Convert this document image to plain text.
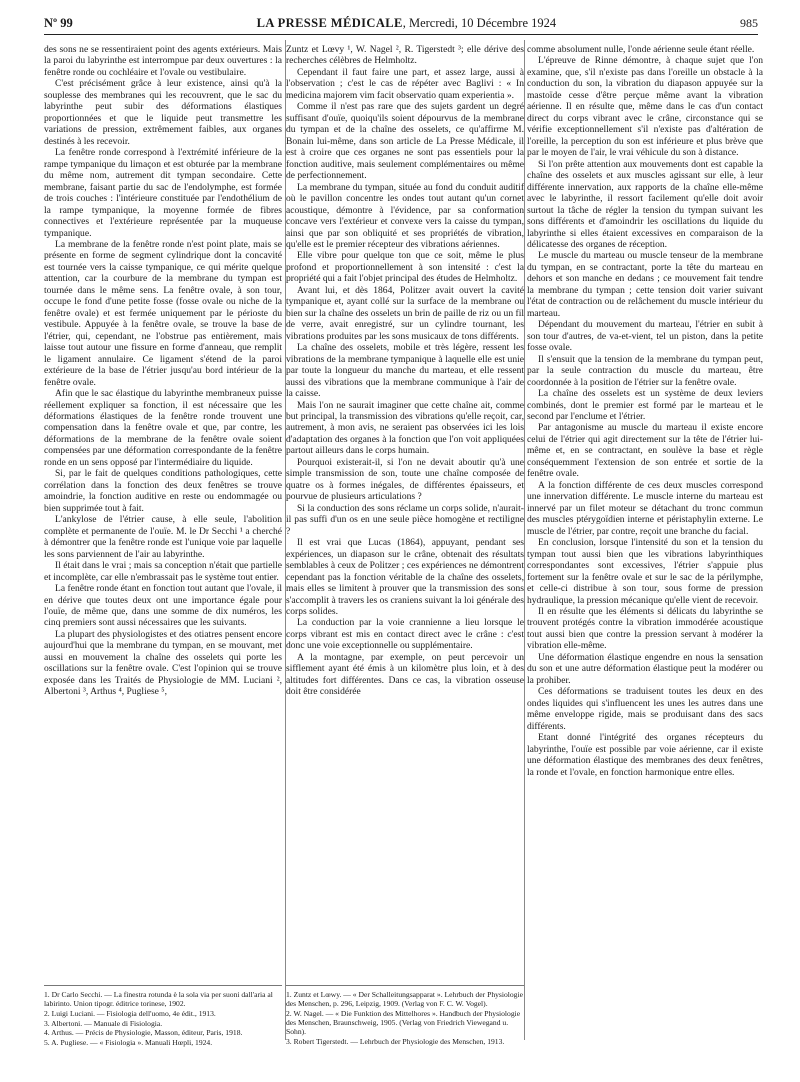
Nº 99	LA PRESSE MÉDICALE, Mercredi, 10 Décembre 1924	985

des sons ne se ressentiraient point des agents extérieurs. Mais la paroi du labyrinthe est interrompue par deux ouvertures : la fenêtre ronde ou cochléaire et l'ovale ou vestibulaire.

C'est précisément grâce à leur existence, ainsi qu'à la souplesse des membranes qui les recouvrent, que le sac du labyrinthe peut subir des déformations élastiques proportionnées et que le liquide peut transmettre les variations de pression, extrêmement faibles, aux organes destinés à les recevoir.

La fenêtre ronde correspond à l'extrémité inférieure de la rampe tympanique du limaçon et est obturée par la membrane du même nom, autrement dit tympan secondaire. Cette membrane, faisant partie du sac de l'endolymphe, est formée de trois couches : l'intérieure constituée par l'endothélium de la rampe tympanique, la moyenne formée de fibres connectives et l'extérieure représentée par la muqueuse tympanique.

La membrane de la fenêtre ronde n'est point plate, mais se présente en forme de segment cylindrique dont la concavité est tournée vers la caisse tympanique, ce qui mérite quelque attention, car la courbure de la membrane du tympan est tournée dans le même sens. La fenêtre ovale, à son tour, occupe le fond d'une petite fosse (fosse ovale ou niche de la fenêtre ovale) et est fermée uniquement par le périoste du vestibule. Appuyée à la fenêtre ovale, se trouve la base de l'étrier, qui, cependant, ne l'obstrue pas entièrement, mais laisse tout autour une fissure en forme d'anneau, que remplit le ligament annulaire. Ce ligament s'étend de la paroi extérieure de la base de l'étrier jusqu'au bord intérieur de la fenêtre ovale.

Afin que le sac élastique du labyrinthe membraneux puisse réellement expliquer sa fonction, il est nécessaire que les déformations élastiques de la fenêtre ronde trouvent une compensation dans la fenêtre ovale et que, par contre, les déformations de la membrane de la fenêtre ovale soient compensées par une déformation correspondante de la fenêtre ronde en un sens opposé par l'intermédiaire du liquide.

Si, par le fait de quelques conditions pathologiques, cette corrélation dans la fonction des deux fenêtres se trouve amoindrie, la fonction auditive en reste ou endommagée ou bien supprimée tout à fait.

L'ankylose de l'étrier cause, à elle seule, l'abolition complète et permanente de l'ouïe. M. le Dr Secchi ¹ a cherché à démontrer que la fenêtre ronde est l'unique voie par laquelle les sons parviennent de l'air au labyrinthe.

Il était dans le vrai ; mais sa conception n'était que partielle et incomplète, car elle n'embrassait pas le système tout entier.

La fenêtre ronde étant en fonction tout autant que l'ovale, il en dérive que toutes deux ont une importance égale pour l'ouïe, de même que, dans une somme de dix numéros, les cinq premiers sont aussi nécessaires que les suivants.

La plupart des physiologistes et des otiatres pensent encore aujourd'hui que la membrane du tympan, en se mouvant, met aussi en mouvement la chaîne des osselets qui porte les oscillations sur la fenêtre ovale. C'est l'opinion qui se trouve exposée dans les Traités de Physiologie de MM. Luciani ², Albertoni ³, Arthus ⁴, Pugliese ⁵,

Zuntz et Lœvy ¹, W. Nagel ², R. Tigerstedt ³; elle dérive des recherches célèbres de Helmholtz.

Cependant il faut faire une part, et assez large, aussi à l'observation ; c'est le cas de répéter avec Baglivi : « In medicina majorem vim facit observatio quam experientia ».

Comme il n'est pas rare que des sujets gardent un degré suffisant d'ouïe, quoiqu'ils soient dépourvus de la membrane du tympan et de la chaîne des osselets, ce qu'affirme M. Bonain lui-même, dans son article de La Presse Médicale, il est à croire que ces organes ne sont pas essentiels pour la fonction auditive, mais seulement complémentaires ou même de perfectionnement.

La membrane du tympan, située au fond du conduit auditif où le pavillon concentre les ondes tout autant qu'un cornet acoustique, démontre à l'évidence, par sa conformation concave vers l'extérieur et convexe vers la caisse du tympan, ainsi que par son obliquité et ses propriétés de vibration, qu'elle est le premier récepteur des vibrations aériennes.

Elle vibre pour quelque ton que ce soit, même le plus profond et proportionnellement à son intensité : c'est la propriété qui a fait l'objet principal des études de Helmholtz.

Avant lui, et dès 1864, Politzer avait ouvert la cavité tympanique et, ayant collé sur la surface de la membrane ou bien sur la chaîne des osselets un brin de paille de riz ou un fil de verre, avait enregistré, sur un cylindre tournant, les vibrations produites par les sons musicaux de tons différents.

La chaîne des osselets, mobile et très légère, ressent les vibrations de la membrane tympanique à laquelle elle est unie par toute la longueur du manche du marteau, et elle ressent aussi des vibrations que la membrane communique à l'air de la caisse.

Mais l'on ne saurait imaginer que cette chaîne ait, comme but principal, la transmission des vibrations qu'elle reçoit, car, autrement, à mon avis, ne seraient pas observées ici les lois d'adaptation des organes à la fonction que l'on voit appliquées partout ailleurs dans le corps humain.

Pourquoi existerait-il, si l'on ne devait aboutir qu'à une simple transmission de son, toute une chaîne composée de quatre os à formes inégales, de différentes épaisseurs, et pourvue de plusieurs articulations ?

Si la conduction des sons réclame un corps solide, n'aurait-il pas suffi d'un os en une seule pièce homogène et rectiligne ?

Il est vrai que Lucas (1864), appuyant, pendant ses expériences, un diapason sur le crâne, obtenait des résultats semblables à ceux de Politzer ; ces expériences ne démontrent cependant pas la fonction véritable de la chaîne des osselets, mais elles se limitent à prouver que la transmission des sons s'accomplit à travers les os craniens suivant la loi générale des corps solides.

La conduction par la voie crannienne a lieu lorsque le corps vibrant est mis en contact direct avec le crâne : c'est donc une voie exceptionnelle ou supplémentaire.

A la montagne, par exemple, on peut percevoir un sifflement ayant été émis à un kilomètre plus loin, et à des altitudes fort différentes. Dans ce cas, la vibration osseuse doit être considérée

comme absolument nulle, l'onde aérienne seule étant réelle.

L'épreuve de Rinne démontre, à chaque sujet que l'on examine, que, s'il n'existe pas dans l'oreille un obstacle à la conduction du son, la vibration du diapason appuyée sur la mastoïde cesse d'être perçue même avant la vibration aérienne. Il en résulte que, même dans le cas d'un contact direct du corps vibrant avec le crâne, circonstance qui se vérifie exceptionnellement s'il n'existe pas d'altération de l'oreille, la perception du son est inférieure et plus brève que par le moyen de l'air, le vrai véhicule du son à distance.

Si l'on prête attention aux mouvements dont est capable la chaîne des osselets et aux muscles agissant sur elle, à leur différente innervation, aux rapports de la chaîne elle-même avec le labyrinthe, il ressort facilement qu'elle doit avoir surtout la tâche de régler la tension du tympan suivant les sons différents et d'amoindrir les oscillations du liquide du labyrinthe si elles étaient excessives en comparaison de la délicatesse des organes de réception.

Le muscle du marteau ou muscle tenseur de la membrane du tympan, en se contractant, porte la tête du marteau en dehors et son manche en dedans ; ce mouvement fait tendre la membrane du tympan ; cette tension doit varier suivant l'état de contraction ou de relâchement du muscle intérieur du marteau.

Dépendant du mouvement du marteau, l'étrier en subit à son tour d'autres, de va-et-vient, tel un piston, dans la petite fosse ovale.

Il s'ensuit que la tension de la membrane du tympan peut, par la seule contraction du muscle du marteau, être coordonnée à la position de l'étrier sur la fenêtre ovale.

La chaîne des osselets est un système de deux leviers combinés, dont le premier est formé par le marteau et le second par l'enclume et l'étrier.

Par antagonisme au muscle du marteau il existe encore celui de l'étrier qui agit directement sur la tête de l'étrier lui-même et, en se contractant, en soulève la base et règle conséquemment l'extension de son entrée et sortie de la fenêtre ovale.

A la fonction différente de ces deux muscles correspond une innervation différente. Le muscle interne du marteau est innervé par un filet moteur se détachant du tronc commun des muscles ptérygoïdien interne et péristaphylin externe. Le muscle de l'étrier, par contre, reçoit une branche du facial.

En conclusion, lorsque l'intensité du son et la tension du tympan tout aussi bien que les vibrations labyrinthiques correspondantes sont excessives, l'étrier s'appuie plus fortement sur la fenêtre ovale et sur le sac de la périlymphe, et celle-ci distribue à son tour, sous forme de pression hydraulique, la pression mécanique qu'elle vient de recevoir.

Il en résulte que les éléments si délicats du labyrinthe se trouvent protégés contre la vibration immodérée acoustique tout aussi bien que contre la pression servant à modérer la vibration elle-même.

Une déformation élastique engendre en nous la sensation du son et une autre déformation élastique peut la modérer ou la prohiber.

Ces déformations se traduisent toutes les deux en des ondes liquides qui s'influencent les unes les autres dans une même enveloppe rigide, mais se produisant dans des sacs différents.

Etant donné l'intégrité des organes récepteurs du labyrinthe, l'ouïe est possible par voie aérienne, car il existe une déformation élastique des membranes des deux fenêtres, la ronde et l'ovale, en fonction harmonique entre elles.

1. Dr Carlo Secchi. — La finestra rotunda è la sola via per suoni dall'aria al labirinto. Union tipogr. éditrice torinese, 1902.
2. Luigi Luciani. — Fisiologia dell'uomo, 4e édit., 1913.
3. Albertoni. — Manuale di Fisiologia.
4. Arthus. — Précis de Physiologie, Masson, éditeur, Paris, 1918.
5. A. Pugliese. — « Fisiologia ». Manuali Hœpli, 1924.
1. Zuntz et Lœwy. — « Der Schalleitungsapparat ». Lehrbuch der Physiologie des Menschen, p. 296, Leipzig, 1909. (Verlag von F. C. W. Vogel).
2. W. Nagel. — « Die Funktion des Mittelhores ». Handbuch der Physiologie des Menschen, Braunschweig, 1905. (Verlag von Friedrich Viewegand u. Sohn).
3. Robert Tigerstedt. — Lehrbuch der Physiologie des Menschen, 1913.
